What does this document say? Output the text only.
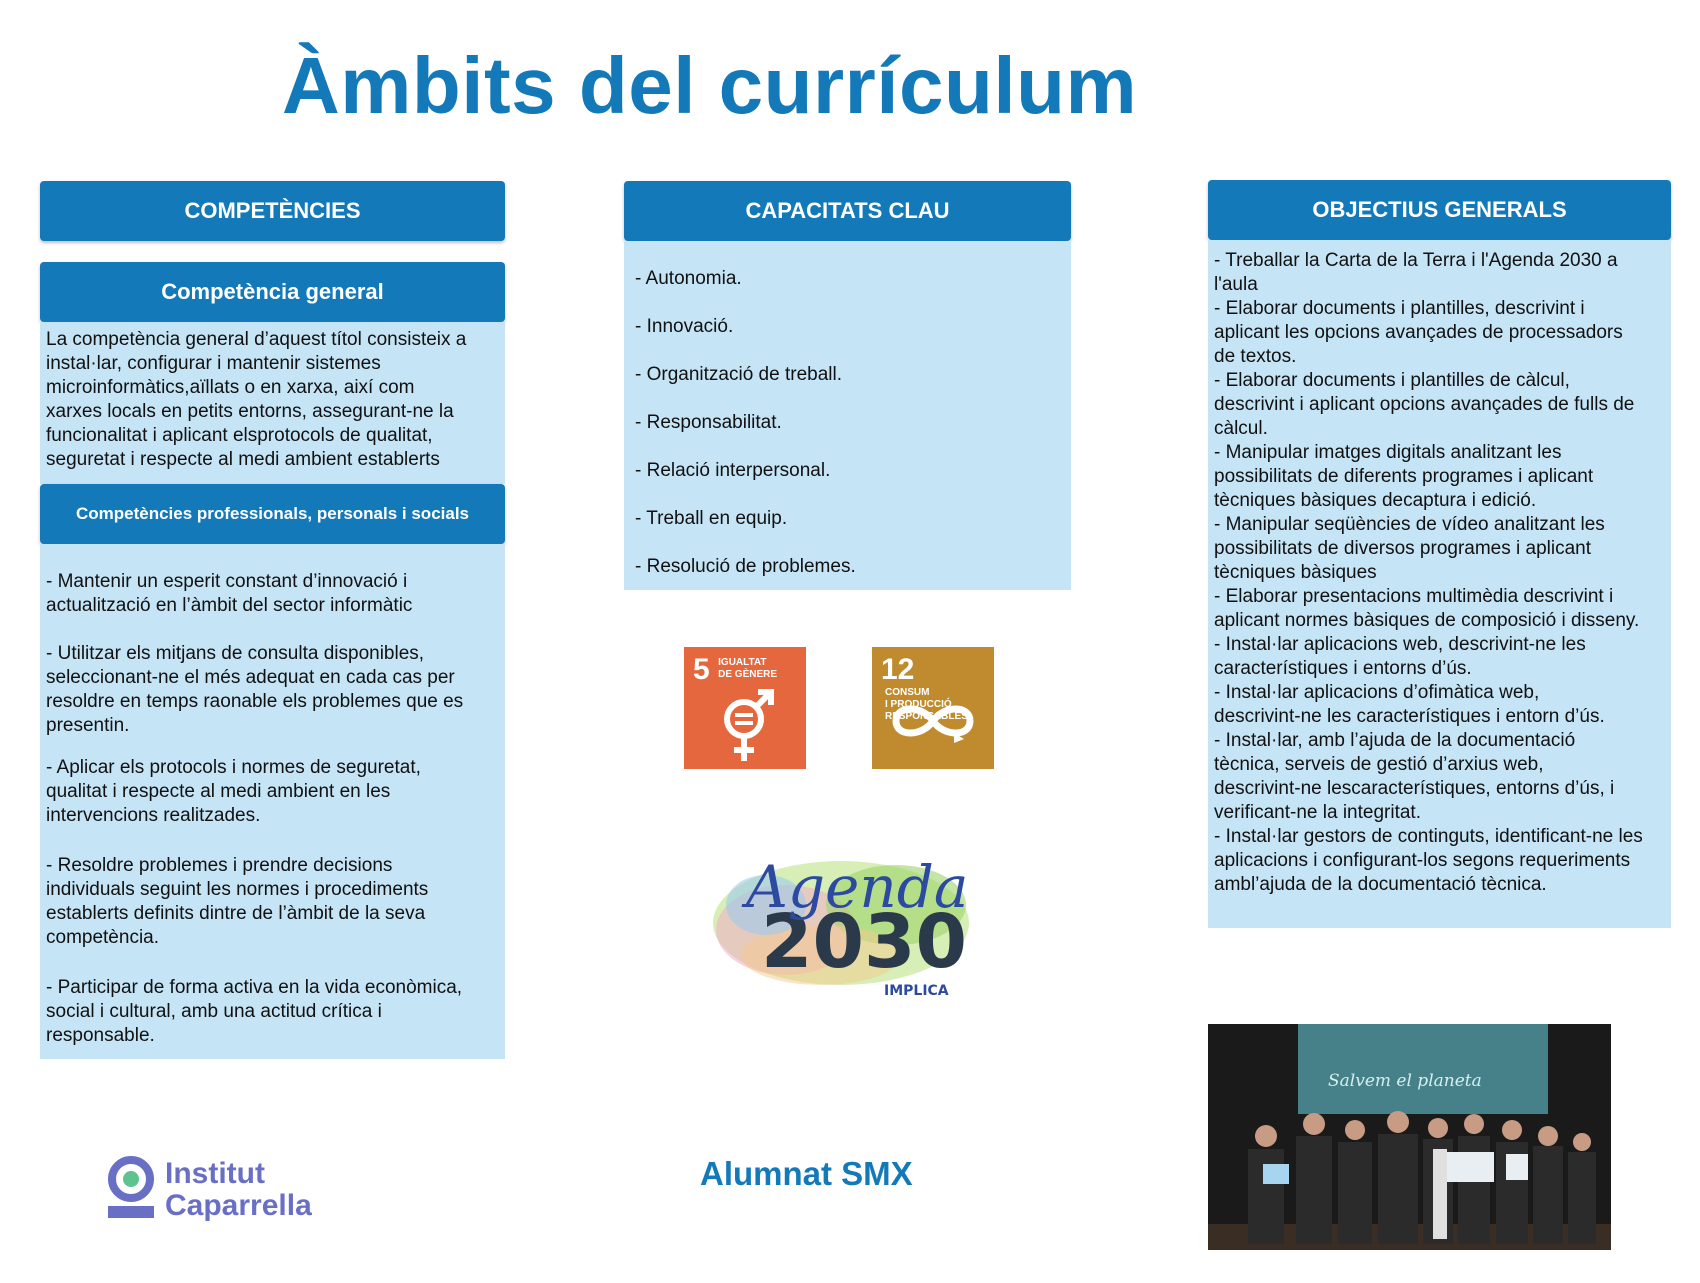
Àmbits del currículum
COMPETÈNCIES
Competència general
La competència general d’aquest títol consisteix a
instal·lar, configurar i mantenir sistemes
microinformàtics,aïllats o en xarxa, així com
xarxes locals en petits entorns, assegurant-ne la
funcionalitat i aplicant elsprotocols de qualitat,
seguretat i respecte al medi ambient establerts
Competències professionals, personals i socials
- Mantenir un esperit constant d’innovació i
actualització en l’àmbit del sector informàtic
- Utilitzar els mitjans de consulta disponibles,
seleccionant-ne el més adequat en cada cas per
resoldre en temps raonable els problemes que es
presentin.
- Aplicar els protocols i normes de seguretat,
qualitat i respecte al medi ambient en les
intervencions realitzades.
- Resoldre problemes i prendre decisions
individuals seguint les normes i procediments
establerts definits dintre de l’àmbit de la seva
competència.
- Participar de forma activa en la vida econòmica,
social i cultural, amb una actitud crítica i
responsable.
CAPACITATS CLAU
- Autonomia.
- Innovació.
- Organització de treball.
- Responsabilitat.
- Relació interpersonal.
- Treball en equip.
- Resolució de problemes.
5 IGUALTAT
DE GÈNERE	12 CONSUM
I PRODUCCIÓ
RESPONSABLES
2030
Agenda
IMPLICA
OBJECTIUS GENERALS
- Treballar la Carta de la Terra i l'Agenda 2030 a
l'aula
- Elaborar documents i plantilles, descrivint i
aplicant les opcions avançades de processadors
de textos.
- Elaborar documents i plantilles de càlcul,
descrivint i aplicant opcions avançades de fulls de
càlcul.
- Manipular imatges digitals analitzant les
possibilitats de diferents programes i aplicant
tècniques bàsiques decaptura i edició.
- Manipular seqüències de vídeo analitzant les
possibilitats de diversos programes i aplicant
tècniques bàsiques
- Elaborar presentacions multimèdia descrivint i
aplicant normes bàsiques de composició i disseny.
- Instal·lar aplicacions web, descrivint-ne les
característiques i entorns d’ús.
- Instal·lar aplicacions d’ofimàtica web,
descrivint-ne les característiques i entorn d’ús.
- Instal·lar, amb l’ajuda de la documentació
tècnica, serveis de gestió d’arxius web,
descrivint-ne lescaracterístiques, entorns d’ús, i
verificant-ne la integritat.
- Instal·lar gestors de continguts, identificant-ne les
aplicacions i configurant-los segons requeriments
ambl’ajuda de la documentació tècnica.
Salvem el planeta
Alumnat SMX
Institut
Caparrella
